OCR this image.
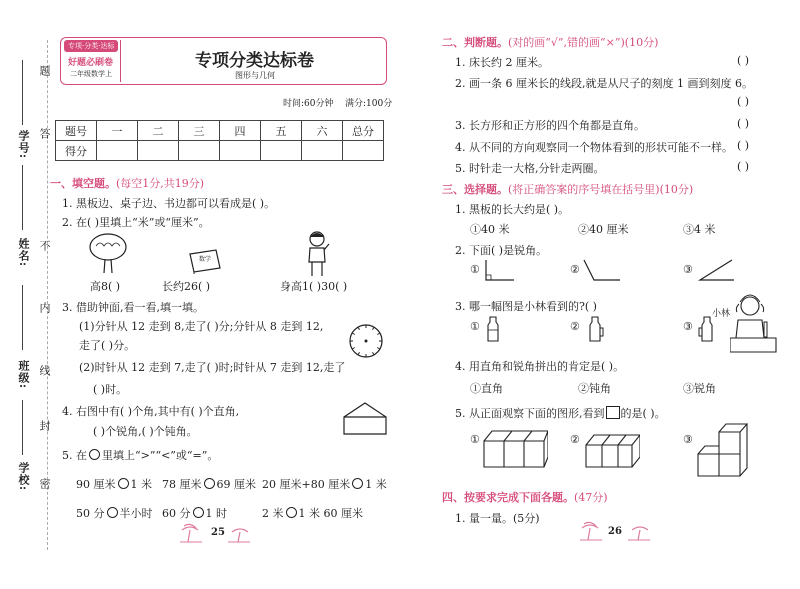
题
答
不
内
线
封
密
学号:
姓名:
班级:
学校:
专项·分类·达标
好题必刷卷
二年级数学上
专项分类达标卷
图形与几何
时间:60分钟 满分:100分
题号	一	二	三	四	五	六	总分
得分							
一、填空题。(每空1分,共19分)
1. 黑板边、桌子边、书边都可以看成是( )。
2. 在( )里填上“米”或“厘米”。
数学
高8( )	长约26( )	身高1( )30( )
3. 借助钟面,看一看,填一填。
(1)分针从 12 走到 8,走了( )分;分针从 8 走到 12,
走了( )分。
(2)时针从 12 走到 7,走了( )时;时针从 7 走到 12,走了
( )时。
4. 右图中有( )个角,其中有( )个直角,
( )个锐角,( )个钝角。
5. 在 里填上“>”“<”或“=”。
90 厘米 1 米 78 厘米 69 厘米 20 厘米+80 厘米 1 米
50 分 半小时 60 分 1 时	2 米 1 米 60 厘米
25
二、判断题。(对的画“√”,错的画“×”)(10分)
1. 床长约 2 厘米。	( )
2. 画一条 6 厘米长的线段,就是从尺子的刻度 1 画到刻度 6。
( )
3. 长方形和正方形的四个角都是直角。	( )
4. 从不同的方向观察同一个物体看到的形状可能不一样。 ( )
5. 时针走一大格,分针走两圈。	( )
三、选择题。(将正确答案的序号填在括号里)(10分)
1. 黑板的长大约是( )。
①40 米	②40 厘米	③4 米
2. 下面( )是锐角。
①	②	③
3. 哪一幅图是小林看到的?( )
①	②	③
小林
4. 用直角和锐角拼出的肯定是( )。
①直角	②钝角	③锐角
5. 从正面观察下面的图形,看到 的是( )。
①	②	③
四、按要求完成下面各题。(47分)
1. 量一量。(5分)
26
